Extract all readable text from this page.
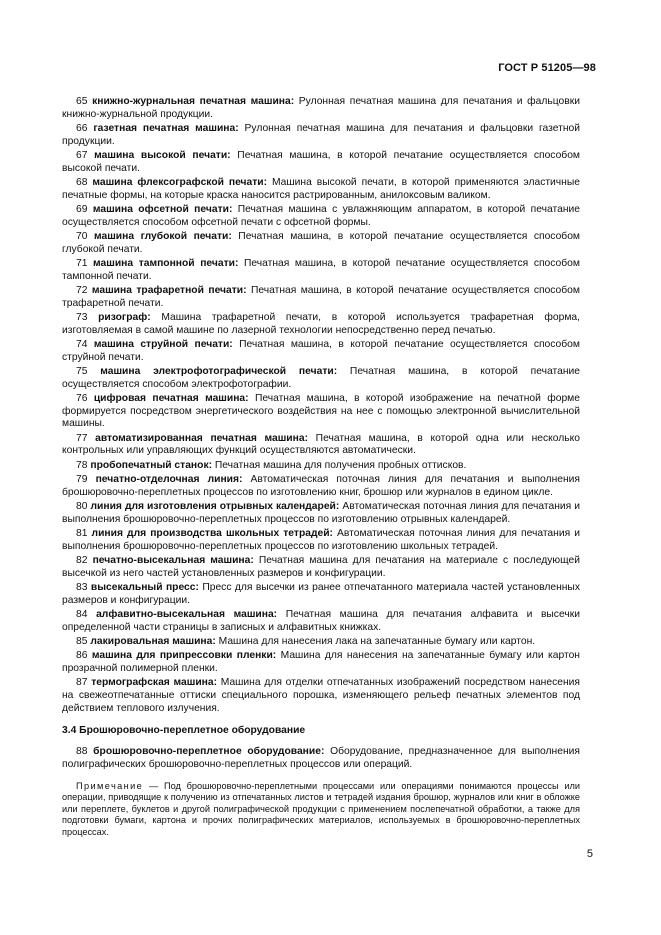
ГОСТ Р 51205—98

65 книжно-журнальная печатная машина: Рулонная печатная машина для печатания и фальцовки книжно-журнальной продукции.

66 газетная печатная машина: Рулонная печатная машина для печатания и фальцовки газетной продукции.

67 машина высокой печати: Печатная машина, в которой печатание осуществляется способом высокой печати.

68 машина флексографской печати: Машина высокой печати, в которой применяются эластичные печатные формы, на которые краска наносится растрированным, анилоксовым валиком.

69 машина офсетной печати: Печатная машина с увлажняющим аппаратом, в которой печатание осуществляется способом офсетной печати с офсетной формы.

70 машина глубокой печати: Печатная машина, в которой печатание осуществляется способом глубокой печати.

71 машина тампонной печати: Печатная машина, в которой печатание осуществляется способом тампонной печати.

72 машина трафаретной печати: Печатная машина, в которой печатание осуществляется способом трафаретной печати.

73 ризограф: Машина трафаретной печати, в которой используется трафаретная форма, изготовляемая в самой машине по лазерной технологии непосредственно перед печатью.

74 машина струйной печати: Печатная машина, в которой печатание осуществляется способом струйной печати.

75 машина электрофотографической печати: Печатная машина, в которой печатание осуществляется способом электрофотографии.

76 цифровая печатная машина: Печатная машина, в которой изображение на печатной форме формируется посредством энергетического воздействия на нее с помощью электронной вычислительной машины.

77 автоматизированная печатная машина: Печатная машина, в которой одна или несколько контрольных или управляющих функций осуществляются автоматически.

78 пробопечатный станок: Печатная машина для получения пробных оттисков.

79 печатно-отделочная линия: Автоматическая поточная линия для печатания и выполнения брошюровочно-переплетных процессов по изготовлению книг, брошюр или журналов в едином цикле.

80 линия для изготовления отрывных календарей: Автоматическая поточная линия для печатания и выполнения брошюровочно-переплетных процессов по изготовлению отрывных календарей.

81 линия для производства школьных тетрадей: Автоматическая поточная линия для печатания и выполнения брошюровочно-переплетных процессов по изготовлению школьных тетрадей.

82 печатно-высекальная машина: Печатная машина для печатания на материале с последующей высечкой из него частей установленных размеров и конфигурации.

83 высекальный пресс: Пресс для высечки из ранее отпечатанного материала частей установленных размеров и конфигурации.

84 алфавитно-высекальная машина: Печатная машина для печатания алфавита и высечки определенной части страницы в записных и алфавитных книжках.

85 лакировальная машина: Машина для нанесения лака на запечатанные бумагу или картон.

86 машина для припрессовки пленки: Машина для нанесения на запечатанные бумагу или картон прозрачной полимерной пленки.

87 термографская машина: Машина для отделки отпечатанных изображений посредством нанесения на свежеотпечатанные оттиски специального порошка, изменяющего рельеф печатных элементов под действием теплового излучения.

3.4 Брошюровочно-переплетное оборудование

88 брошюровочно-переплетное оборудование: Оборудование, предназначенное для выполнения полиграфических брошюровочно-переплетных процессов или операций.

Примечание — Под брошюровочно-переплетными процессами или операциями понимаются процессы или операции, приводящие к получению из отпечатанных листов и тетрадей издания брошюр, журналов или книг в обложке или переплете, буклетов и другой полиграфической продукции с применением послепечатной обработки, а также для подготовки бумаги, картона и прочих полиграфических материалов, используемых в брошюровочно-переплетных процессах.

5
